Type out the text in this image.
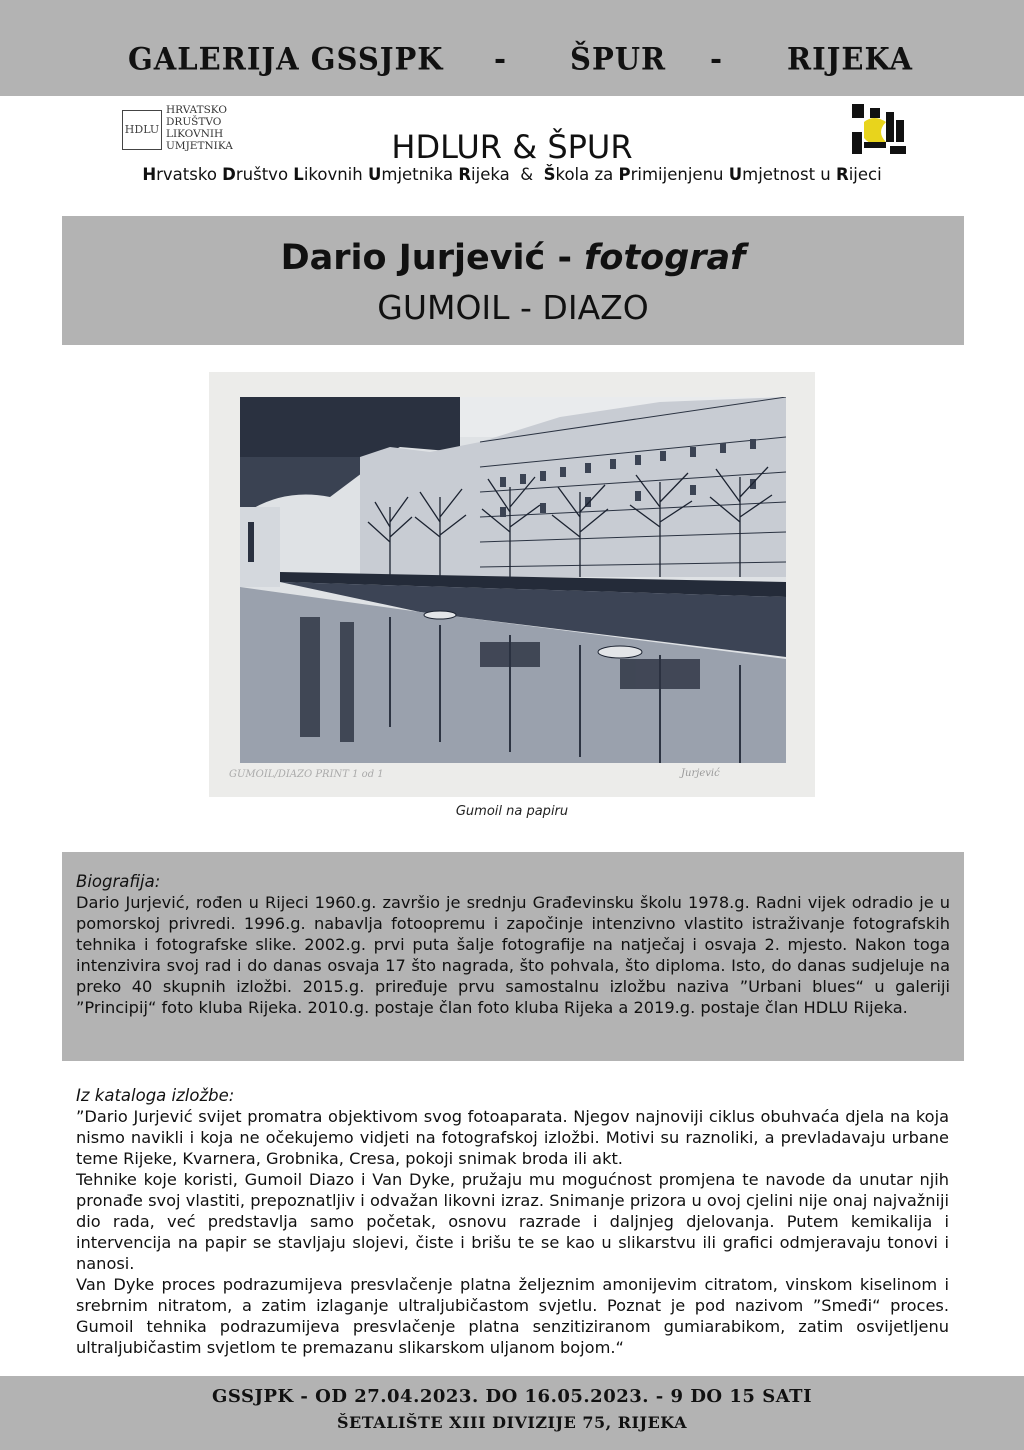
GALERIJA GSSJPK - ŠPUR - RIJEKA
HDLU
HRVATSKO
DRUŠTVO
LIKOVNIH
UMJETNIKA	HDLUR & ŠPUR
Hrvatsko Društvo Likovnih Umjetnika Rijeka  &  Škola za Primijenjenu Umjetnost u Rijeci
Dario Jurjević - fotograf
GUMOIL - DIAZO
GUMOIL/DIAZO PRINT 1 od 1	Jurjević
Gumoil na papiru
Biografija:
Dario Jurjević, rođen u Rijeci 1960.g. završio je srednju Građevinsku školu 1978.g. Radni vijek odradio je u pomorskoj privredi. 1996.g. nabavlja fotoopremu i započinje intenzivno vlastito istraživanje fotografskih tehnika i fotografske slike. 2002.g. prvi puta šalje fotografije na natječaj i osvaja 2. mjesto. Nakon toga intenzivira svoj rad i do danas osvaja 17 što nagrada, što pohvala, što diploma. Isto, do danas sudjeluje na preko 40 skupnih izložbi. 2015.g. priređuje prvu samostalnu izložbu naziva ”Urbani blues“ u galeriji ”Principij“ foto kluba Rijeka. 2010.g. postaje član foto kluba Rijeka a 2019.g. postaje član HDLU Rijeka.
Iz kataloga izložbe:

”Dario Jurjević svijet promatra objektivom svog fotoaparata. Njegov najnoviji ciklus obuhvaća djela na koja nismo navikli i koja ne očekujemo vidjeti na fotografskoj izložbi. Motivi su raznoliki, a prevladavaju urbane teme Rijeke, Kvarnera, Grobnika, Cresa, pokoji snimak broda ili akt.

Tehnike koje koristi, Gumoil Diazo i Van Dyke, pružaju mu mogućnost promjena te navode da unutar njih pronađe svoj vlastiti, prepoznatljiv i odvažan likovni izraz. Snimanje prizora u ovoj cjelini nije onaj najvažniji dio rada, već predstavlja samo početak, osnovu razrade i daljnjeg djelovanja. Putem kemikalija i intervencija na papir se stavljaju slojevi, čiste i brišu te se kao u slikarstvu ili grafici odmjeravaju tonovi i nanosi.

Van Dyke proces podrazumijeva presvlačenje platna željeznim amonijevim citratom, vinskom kiselinom i srebrnim nitratom, a zatim izlaganje ultraljubičastom svjetlu. Poznat je pod nazivom ”Smeđi“ proces. Gumoil tehnika podrazumijeva presvlačenje platna senzitiziranom gumiarabikom, zatim osvijetljenu ultraljubičastim svjetlom te premazanu slikarskom uljanom bojom.“

GSSJPK - OD 27.04.2023. DO 16.05.2023. - 9 DO 15 SATI
ŠETALIŠTE XIII DIVIZIJE 75, RIJEKA
